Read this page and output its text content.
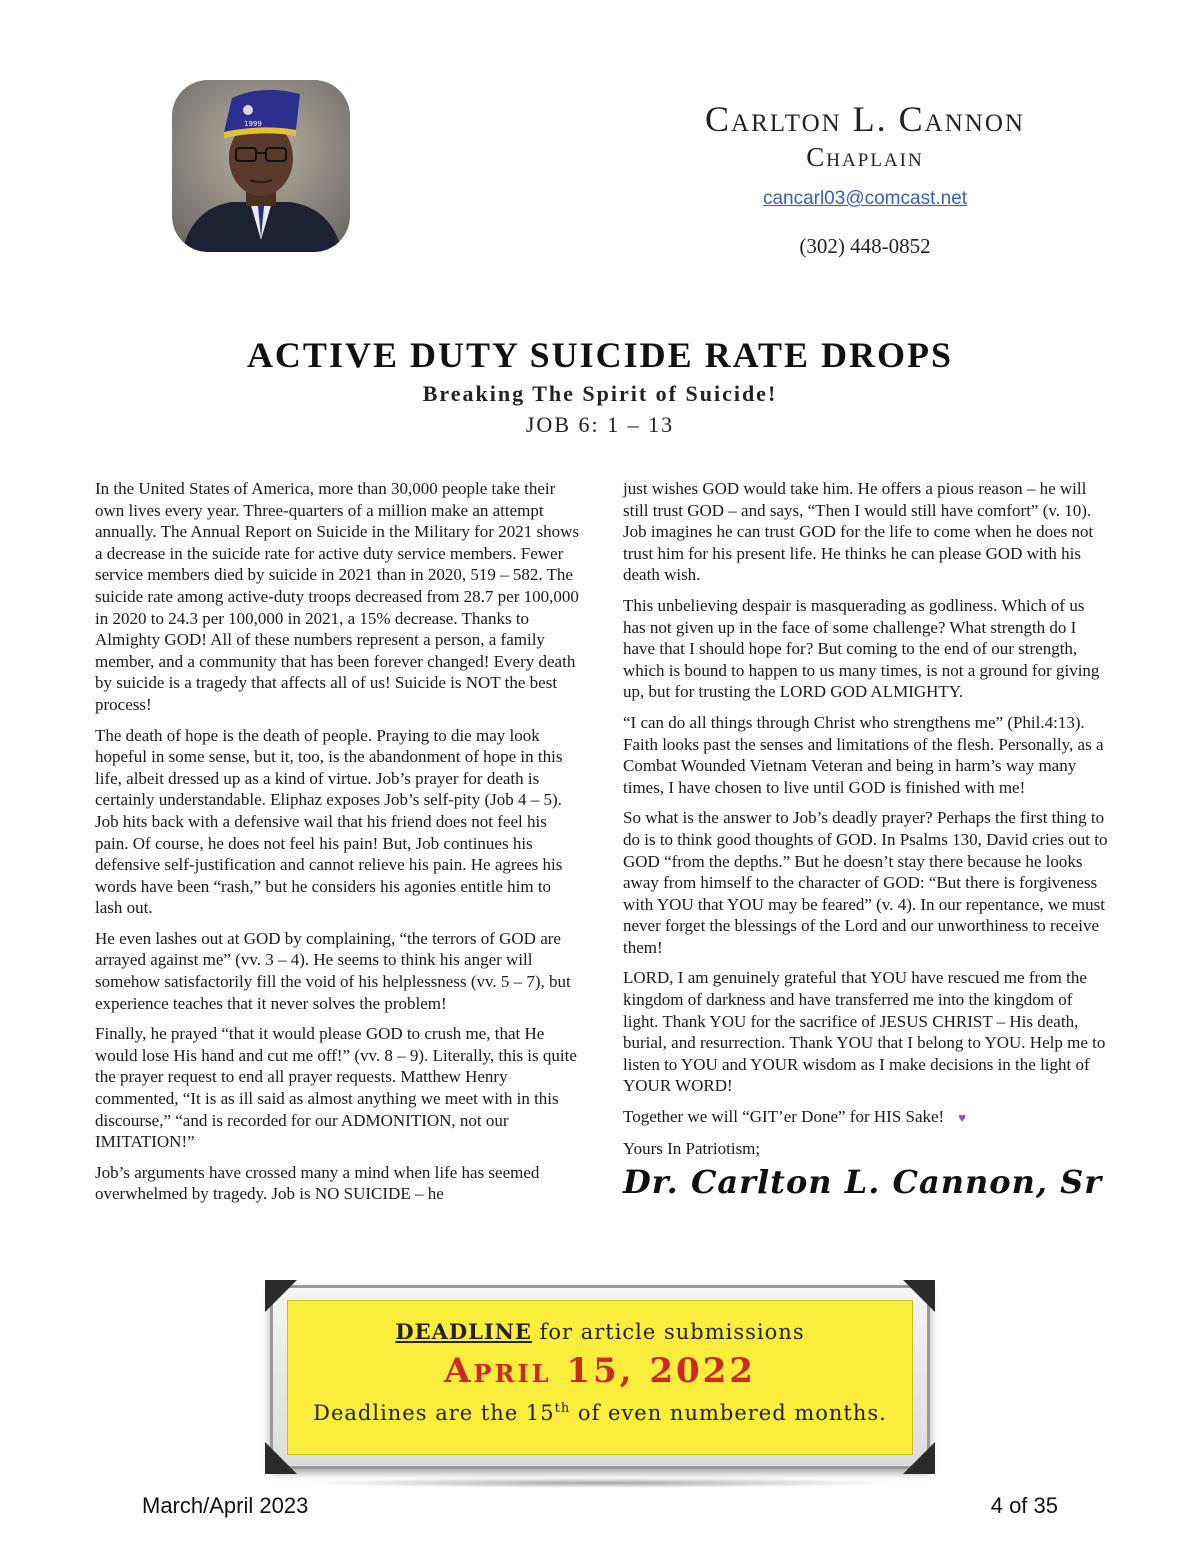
1999	Carlton L. Cannon
Chaplain
cancarl03@comcast.net
(302) 448-0852
ACTIVE DUTY SUICIDE RATE DROPS
Breaking The Spirit of Suicide!
JOB 6: 1 – 13

In the United States of America, more than 30,000 people take their own lives every year. Three-quarters of a million make an attempt annually. The Annual Report on Suicide in the Military for 2021 shows a decrease in the suicide rate for active duty service members. Fewer service members died by suicide in 2021 than in 2020, 519 – 582. The suicide rate among active-duty troops decreased from 28.7 per 100,000 in 2020 to 24.3 per 100,000 in 2021, a 15% decrease. Thanks to Almighty GOD! All of these numbers represent a person, a family member, and a community that has been forever changed! Every death by suicide is a tragedy that affects all of us! Suicide is NOT the best process!

The death of hope is the death of people. Praying to die may look hopeful in some sense, but it, too, is the abandonment of hope in this life, albeit dressed up as a kind of virtue. Job’s prayer for death is certainly understandable. Eliphaz exposes Job’s self-pity (Job 4 – 5). Job hits back with a defensive wail that his friend does not feel his pain. Of course, he does not feel his pain! But, Job continues his defensive self-justification and cannot relieve his pain. He agrees his words have been “rash,” but he considers his agonies entitle him to lash out.

He even lashes out at GOD by complaining, “the terrors of GOD are arrayed against me” (vv. 3 – 4). He seems to think his anger will somehow satisfactorily fill the void of his helplessness (vv. 5 – 7), but experience teaches that it never solves the problem!

Finally, he prayed “that it would please GOD to crush me, that He would lose His hand and cut me off!” (vv. 8 – 9). Literally, this is quite the prayer request to end all prayer requests. Matthew Henry commented, “It is as ill said as almost anything we meet with in this discourse,” “and is recorded for our ADMONITION, not our IMITATION!”

Job’s arguments have crossed many a mind when life has seemed overwhelmed by tragedy. Job is NO SUICIDE – he

just wishes GOD would take him. He offers a pious reason – he will still trust GOD – and says, “Then I would still have comfort” (v. 10). Job imagines he can trust GOD for the life to come when he does not trust him for his present life. He thinks he can please GOD with his death wish.

This unbelieving despair is masquerading as godliness. Which of us has not given up in the face of some challenge? What strength do I have that I should hope for? But coming to the end of our strength, which is bound to happen to us many times, is not a ground for giving up, but for trusting the LORD GOD ALMIGHTY.

“I can do all things through Christ who strengthens me” (Phil.4:13). Faith looks past the senses and limitations of the flesh. Personally, as a Combat Wounded Vietnam Veteran and being in harm’s way many times, I have chosen to live until GOD is finished with me!

So what is the answer to Job’s deadly prayer? Perhaps the first thing to do is to think good thoughts of GOD. In Psalms 130, David cries out to GOD “from the depths.” But he doesn’t stay there because he looks away from himself to the character of GOD: “But there is forgiveness with YOU that YOU may be feared” (v. 4). In our repentance, we must never forget the blessings of the Lord and our unworthiness to receive them!

LORD, I am genuinely grateful that YOU have rescued me from the kingdom of darkness and have transferred me into the kingdom of light. Thank YOU for the sacrifice of JESUS CHRIST – His death, burial, and resurrection. Thank YOU that I belong to YOU. Help me to listen to YOU and YOUR wisdom as I make decisions in the light of YOUR WORD!

Together we will “GIT’er Done” for HIS Sake! ♥

Yours In Patriotism;

Dr. Carlton L. Cannon, Sr
DEADLINE for article submissions
April 15, 2022
Deadlines are the 15th of even numbered months.
March/April 2023	4 of 35
